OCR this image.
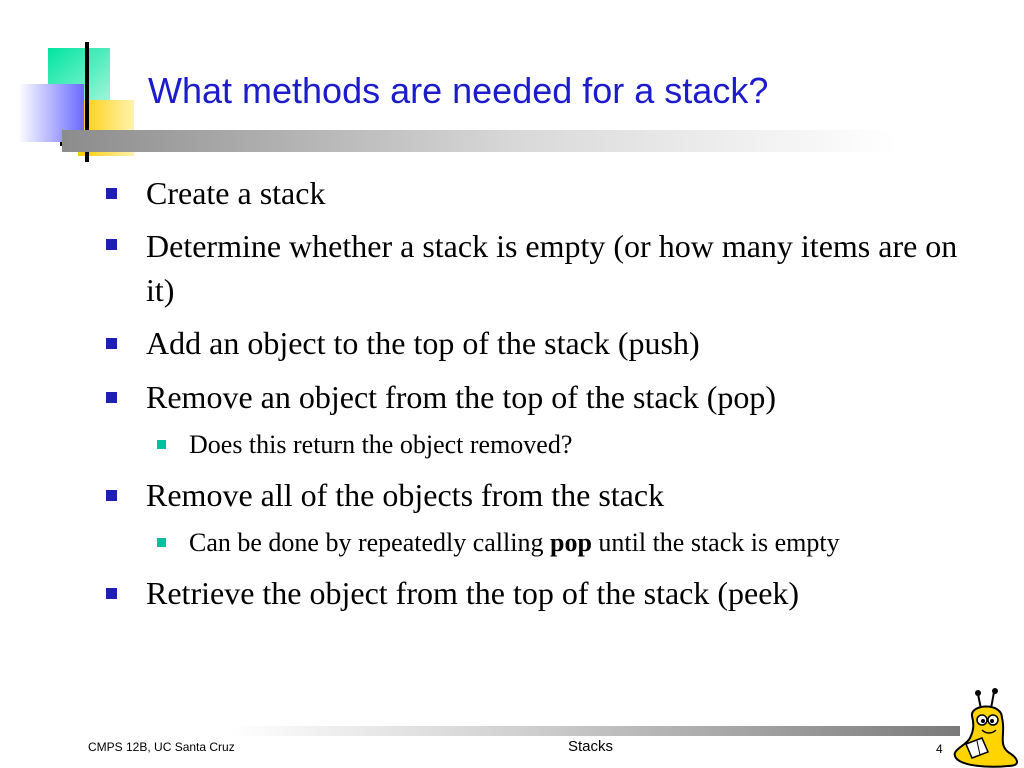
What methods are needed for a stack?
Create a stack
Determine whether a stack is empty (or how many items are on it)
Add an object to the top of the stack (push)
Remove an object from the top of the stack (pop)
Does this return the object removed?
Remove all of the objects from the stack
Can be done by repeatedly calling pop until the stack is empty
Retrieve the object from the top of the stack (peek)
CMPS 12B, UC Santa Cruz	Stacks	4
